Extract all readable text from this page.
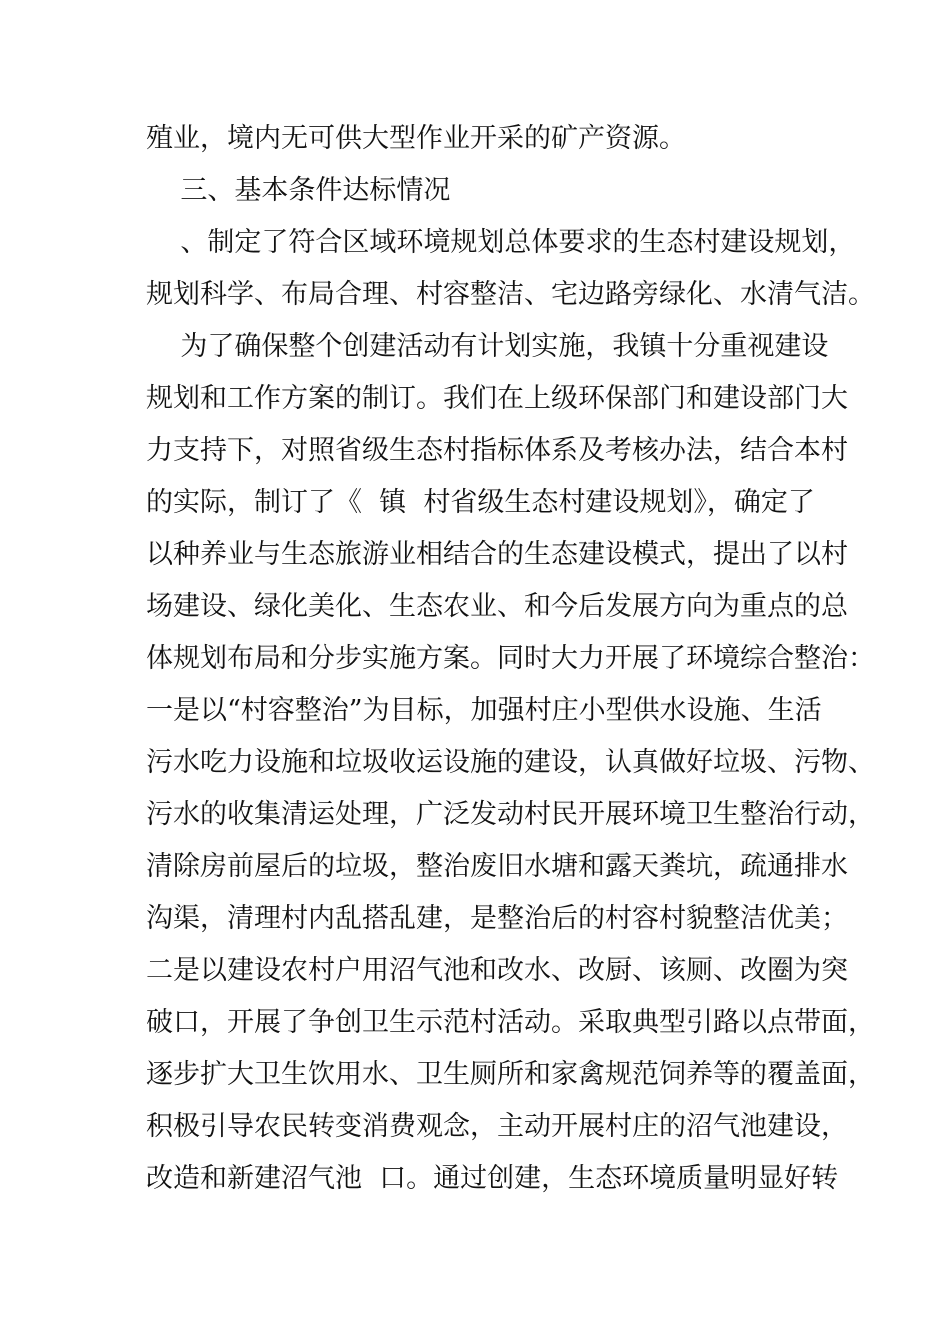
殖业，境内无可供大型作业开采的矿产资源。
三、基本条件达标情况
、制定了符合区域环境规划总体要求的生态村建设规划，
规划科学、布局合理、村容整洁、宅边路旁绿化、水清气洁。
为了确保整个创建活动有计划实施，我镇十分重视建设
规划和工作方案的制订。我们在上级环保部门和建设部门大
力支持下，对照省级生态村指标体系及考核办法，结合本村
的实际，制订了《  镇  村省级生态村建设规划》，确定了
以种养业与生态旅游业相结合的生态建设模式，提出了以村
场建设、绿化美化、生态农业、和今后发展方向为重点的总
体规划布局和分步实施方案。同时大力开展了环境综合整治：
一是以“村容整治”为目标，加强村庄小型供水设施、生活
污水吃力设施和垃圾收运设施的建设，认真做好垃圾、污物、
污水的收集清运处理，广泛发动村民开展环境卫生整治行动，
清除房前屋后的垃圾，整治废旧水塘和露天粪坑，疏通排水
沟渠，清理村内乱搭乱建，是整治后的村容村貌整洁优美；
二是以建设农村户用沼气池和改水、改厨、该厕、改圈为突
破口，开展了争创卫生示范村活动。采取典型引路以点带面，
逐步扩大卫生饮用水、卫生厕所和家禽规范饲养等的覆盖面，
积极引导农民转变消费观念，主动开展村庄的沼气池建设，
改造和新建沼气池  口。通过创建，生态环境质量明显好转
